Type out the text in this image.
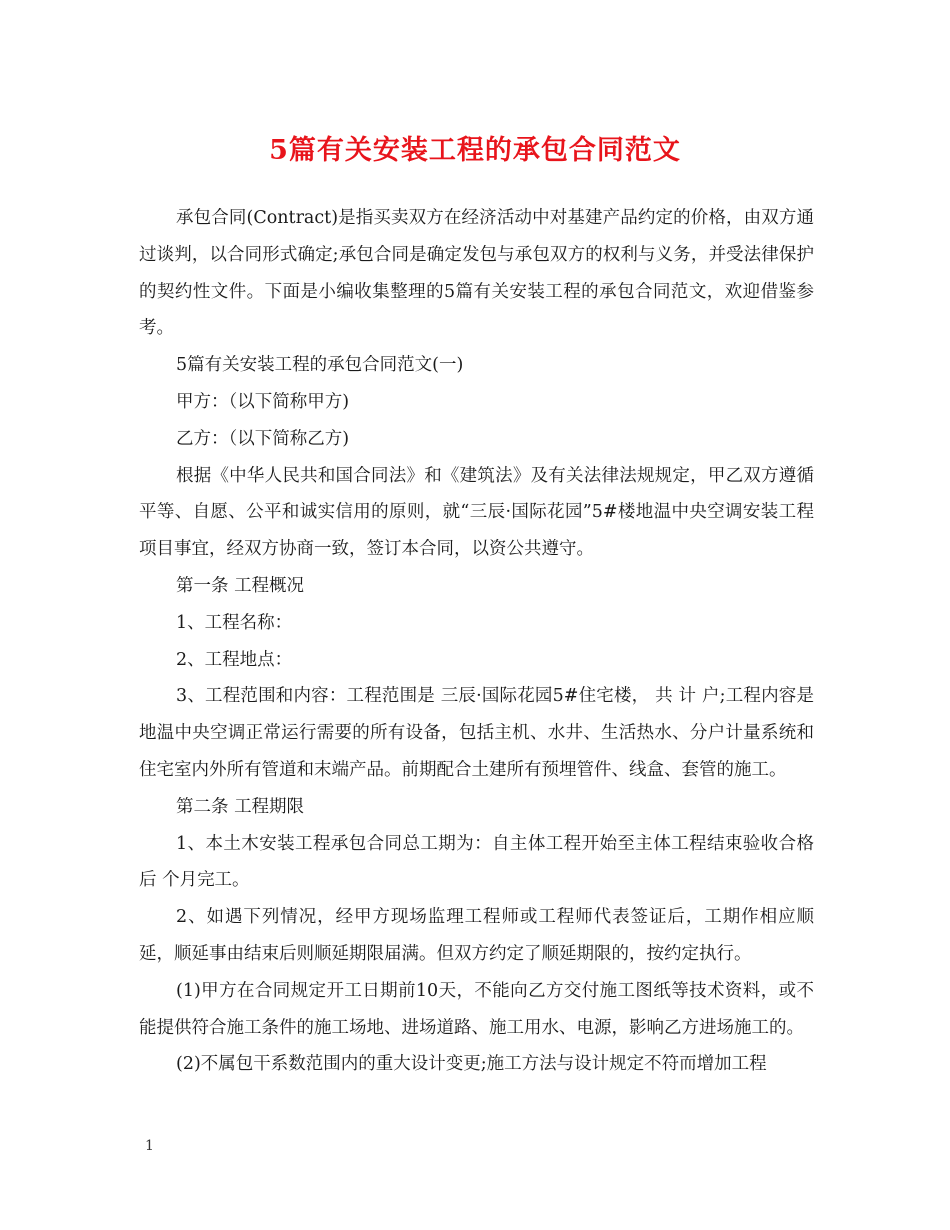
5篇有关安装工程的承包合同范文

承包合同(Contract)是指买卖双方在经济活动中对基建产品约定的价格，由双方通过谈判，以合同形式确定;承包合同是确定发包与承包双方的权利与义务，并受法律保护的契约性文件。下面是小编收集整理的5篇有关安装工程的承包合同范文，欢迎借鉴参考。

5篇有关安装工程的承包合同范文(一)

甲方：（以下简称甲方)

乙方：（以下简称乙方)

根据《中华人民共和国合同法》和《建筑法》及有关法律法规规定，甲乙双方遵循平等、自愿、公平和诚实信用的原则，就“三辰·国际花园”5#楼地温中央空调安装工程项目事宜，经双方协商一致，签订本合同，以资公共遵守。

第一条 工程概况

1、工程名称：

2、工程地点：

3、工程范围和内容：工程范围是 三辰·国际花园5#住宅楼， 共 计 户;工程内容是地温中央空调正常运行需要的所有设备，包括主机、水井、生活热水、分户计量系统和住宅室内外所有管道和末端产品。前期配合土建所有预埋管件、线盒、套管的施工。

第二条 工程期限

1、本土木安装工程承包合同总工期为：自主体工程开始至主体工程结束验收合格后 个月完工。

2、如遇下列情况，经甲方现场监理工程师或工程师代表签证后，工期作相应顺延，顺延事由结束后则顺延期限届满。但双方约定了顺延期限的，按约定执行。

(1)甲方在合同规定开工日期前10天，不能向乙方交付施工图纸等技术资料，或不能提供符合施工条件的施工场地、进场道路、施工用水、电源，影响乙方进场施工的。

(2)不属包干系数范围内的重大设计变更;施工方法与设计规定不符而增加工程

1
